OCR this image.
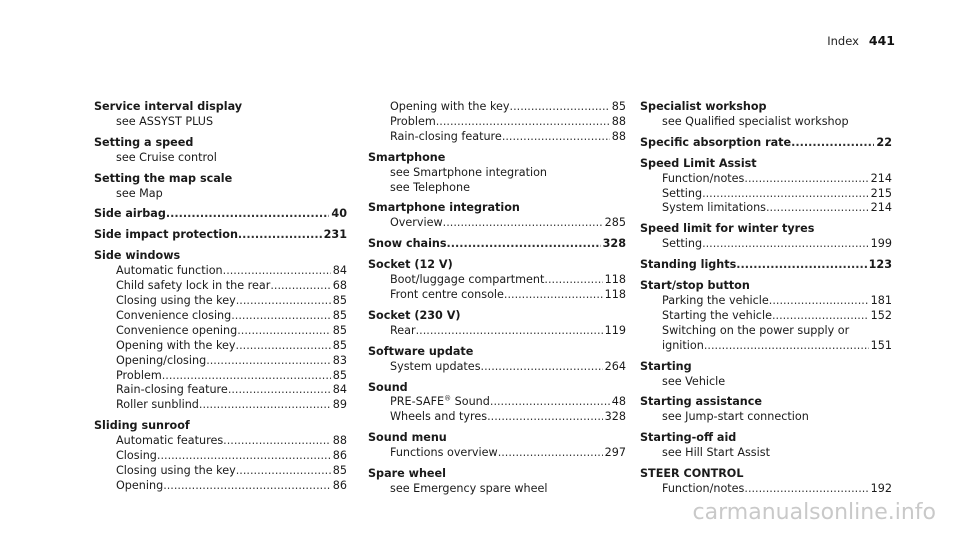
Index 441
Service interval display
see ASSYST PLUS
Setting a speed
see Cruise control
Setting the map scale
see Map
Side airbag .....	40
Side impact protection .....	231
Side windows
Automatic function .....	84
Child safety lock in the rear .....	68
Closing using the key .....	85
Convenience closing .....	85
Convenience opening .....	85
Opening with the key .....	85
Opening/closing .....	83
Problem .....	85
Rain-closing feature .....	84
Roller sunblind .....	89
Sliding sunroof
Automatic features .....	88
Closing .....	86
Closing using the key .....	85
Opening .....	86
Opening with the key .....	85
Problem .....	88
Rain-closing feature .....	88
Smartphone
see Smartphone integration
see Telephone
Smartphone integration
Overview .....	285
Snow chains .....	328
Socket (12 V)
Boot/luggage compartment .....	118
Front centre console .....	118
Socket (230 V)
Rear .....	119
Software update
System updates .....	264
Sound
PRE-SAFE® Sound .....	48
Wheels and tyres .....	328
Sound menu
Functions overview .....	297
Spare wheel
see Emergency spare wheel
Specialist workshop
see Qualified specialist workshop
Specific absorption rate .....	22
Speed Limit Assist
Function/notes .....	214
Setting .....	215
System limitations .....	214
Speed limit for winter tyres
Setting .....	199
Standing lights .....	123
Start/stop button
Parking the vehicle .....	181
Starting the vehicle .....	152
Switching on the power supply or
ignition .....	151
Starting
see Vehicle
Starting assistance
see Jump-start connection
Starting-off aid
see Hill Start Assist
STEER CONTROL
Function/notes .....	192
carmanualsonline.info
